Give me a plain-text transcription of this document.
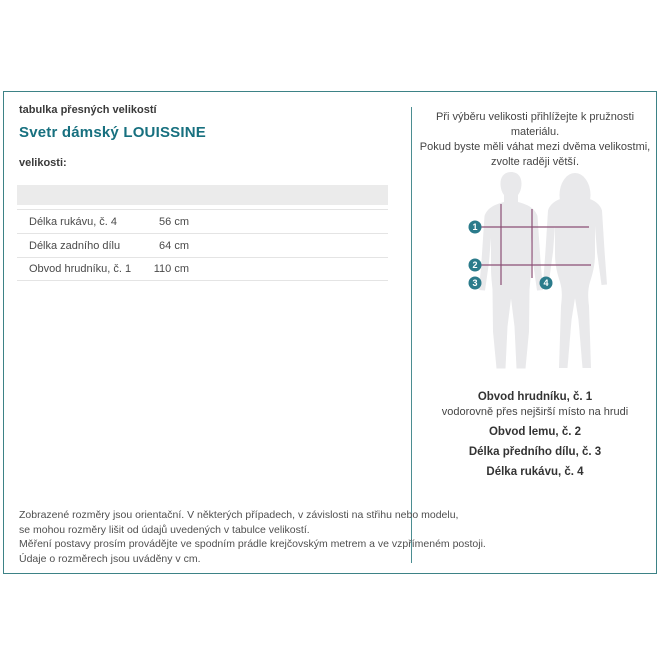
tabulka přesných velikostí
Svetr dámský LOUISSINE
velikosti:
Délka rukávu, č. 4	56 cm
Délka zadního dílu	64 cm
Obvod hrudníku, č. 1	110 cm
Zobrazené rozměry jsou orientační. V některých případech, v závislosti na střihu nebo modelu,
se mohou rozměry lišit od údajů uvedených v tabulce velikostí.
Měření postavy prosím provádějte ve spodním prádle krejčovským metrem a ve vzpřímeném postoji.
Údaje o rozměrech jsou uváděny v cm.
Při výběru velikosti přihlížejte k pružnosti materiálu.
Pokud byste měli váhat mezi dvěma velikostmi,
zvolte raději větší.
1
2
3	4
Obvod hrudníku, č. 1
vodorovně přes nejširší místo na hrudi
Obvod lemu, č. 2
Délka předního dílu, č. 3
Délka rukávu, č. 4
